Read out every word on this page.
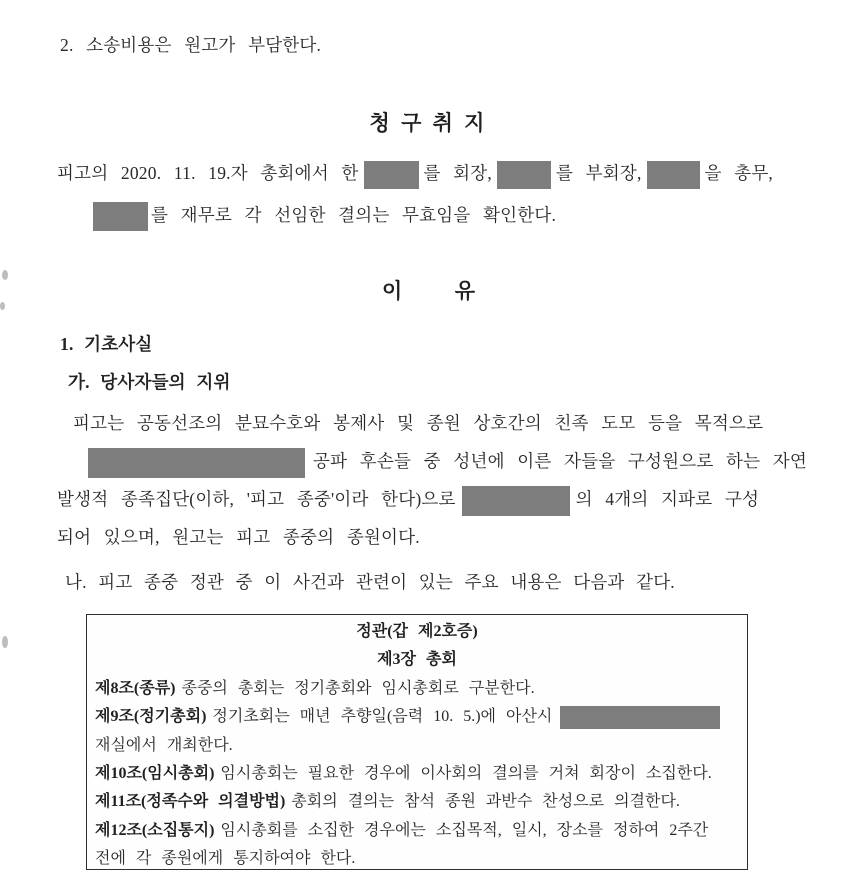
2. 소송비용은 원고가 부담한다.
청 구 취 지
피고의 2020. 11. 19.자 총회에서 한	를 회장,	를 부회장,	을 총무,
를 재무로 각 선임한 결의는 무효임을 확인한다.
이          유
1. 기초사실
가. 당사자들의 지위
피고는 공동선조의 분묘수호와 봉제사 및 종원 상호간의 친족 도모 등을 목적으로
공파 후손들 중 성년에 이른 자들을 구성원으로 하는 자연
발생적 종족집단(이하, '피고 종중'이라 한다)으로	의 4개의 지파로 구성
되어 있으며, 원고는 피고 종중의 종원이다.
나. 피고 종중 정관 중 이 사건과 관련이 있는 주요 내용은 다음과 같다.
정관(갑 제2호증)
제3장 총회
제8조(종류) 종중의 총회는 정기총회와 임시총회로 구분한다.
제9조(정기총회) 정기초회는 매년 추향일(음력 10. 5.)에 아산시
재실에서 개최한다.
제10조(임시총회) 임시총회는 필요한 경우에 이사회의 결의를 거쳐 회장이 소집한다.
제11조(정족수와 의결방법) 총회의 결의는 참석 종원 과반수 찬성으로 의결한다.
제12조(소집통지) 임시총회를 소집한 경우에는 소집목적, 일시, 장소를 정하여 2주간
전에 각 종원에게 통지하여야 한다.
